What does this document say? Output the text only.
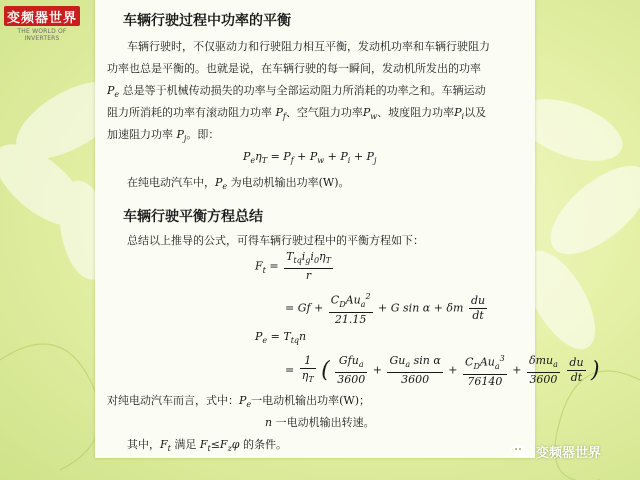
变频器世界
THE WORLD OF INVERTERS
车辆行驶过程中功率的平衡
车辆行驶时，不仅驱动力和行驶阻力相互平衡，发动机功率和车辆行驶阻力
功率也总是平衡的。也就是说，在车辆行驶的每一瞬间，发动机所发出的功率
$P_e$ 总是等于机械传动损失的功率与全部运动阻力所消耗的功率之和。车辆运动
阻力所消耗的功率有滚动阻力功率 $P_f$、空气阻力功率$P_w$、坡度阻力功率$P_i$以及
加速阻力功率 $P_j$。即：
$P_e\eta_T = P_f + P_w + P_i + P_j$
在纯电动汽车中，$P_e$ 为电动机输出功率(W)。
车辆行驶平衡方程总结
总结以上推导的公式，可得车辆行驶过程中的平衡方程如下：
$F_t = \frac{T_{tq}i_gi_0\eta_T}{r}$
= $Gf + \frac{C_DAu_a^2}{21.15} + G$ sin α + δm $\frac{du}{dt}$
$P_e = T_{tq}n$
= $\frac{1}{\eta_T}$ ( $\frac{Gfu_a}{3600} + \frac{Gu_a \sin \alpha}{3600} + \frac{C_DAu_a^3}{76140} + \frac{\delta mu_a}{3600}$
$\frac{du}{dt}$ )
对纯电动汽车而言，式中：$P_e$一电动机输出功率(W)；
n 一电动机输出转速。
其中，$F_t$ 满足 $F_t\le F_z\varphi$ 的条件。
变频器世界
